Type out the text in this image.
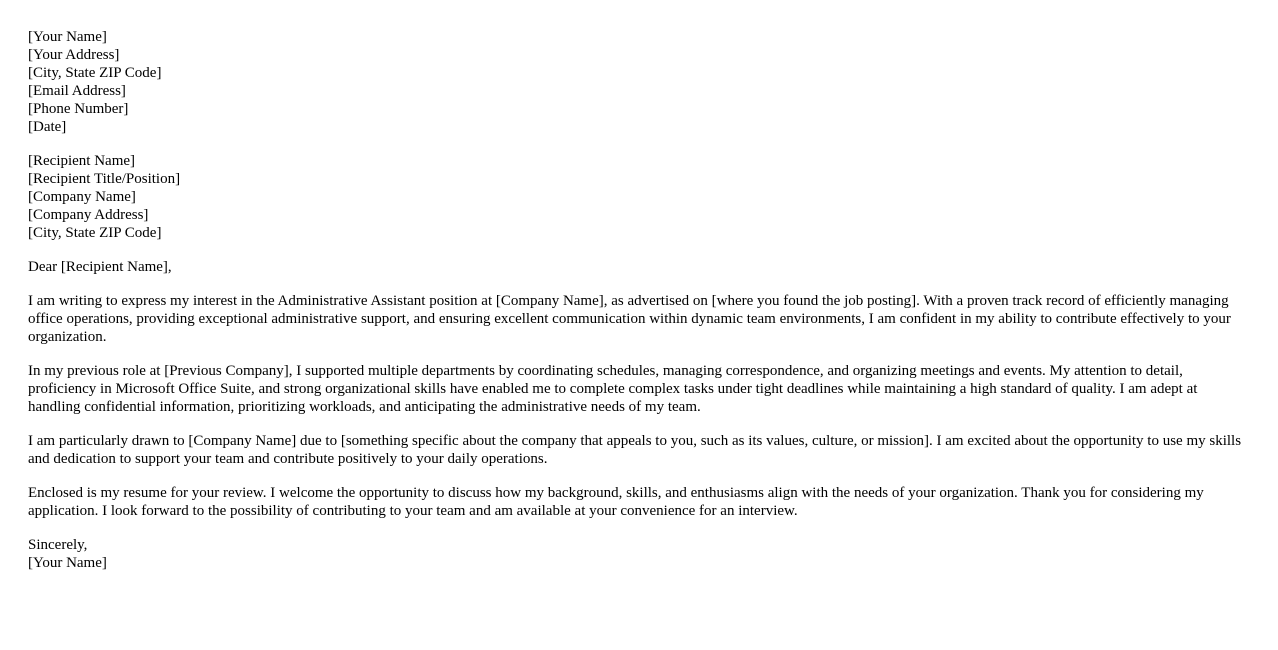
[Your Name]
[Your Address]
[City, State ZIP Code]
[Email Address]
[Phone Number]
[Date]
[Recipient Name]
[Recipient Title/Position]
[Company Name]
[Company Address]
[City, State ZIP Code]

Dear [Recipient Name],

I am writing to express my interest in the Administrative Assistant position at [Company Name], as advertised on [where you found the job posting]. With a proven track record of efficiently managing office operations, providing exceptional administrative support, and ensuring excellent communication within dynamic team environments, I am confident in my ability to contribute effectively to your organization.

In my previous role at [Previous Company], I supported multiple departments by coordinating schedules, managing correspondence, and organizing meetings and events. My attention to detail, proficiency in Microsoft Office Suite, and strong organizational skills have enabled me to complete complex tasks under tight deadlines while maintaining a high standard of quality. I am adept at handling confidential information, prioritizing workloads, and anticipating the administrative needs of my team.

I am particularly drawn to [Company Name] due to [something specific about the company that appeals to you, such as its values, culture, or mission]. I am excited about the opportunity to use my skills and dedication to support your team and contribute positively to your daily operations.

Enclosed is my resume for your review. I welcome the opportunity to discuss how my background, skills, and enthusiasms align with the needs of your organization. Thank you for considering my application. I look forward to the possibility of contributing to your team and am available at your convenience for an interview.

Sincerely,
[Your Name]
